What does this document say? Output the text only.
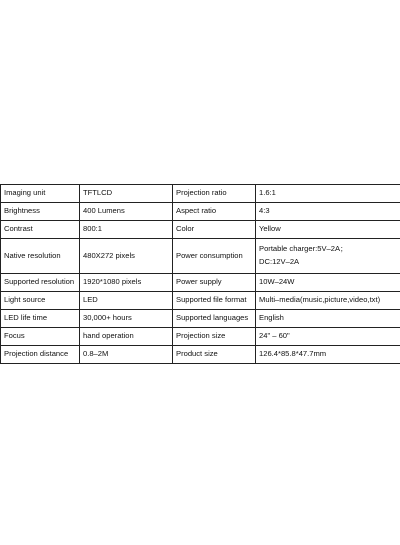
Imaging unit	TFTLCD	Projection ratio	1.6:1
Brightness	400 Lumens	Aspect ratio	4:3
Contrast	800:1	Color	Yellow
Native resolution	480X272 pixels	Power consumption	Portable charger:5V–2A；
DC:12V–2A

Supported resolution	1920*1080 pixels	Power supply	10W–24W
Light source	LED	Supported file format	Multi–media(music,picture,video,txt)
LED life time	30,000+ hours	Supported languages	English
Focus	hand operation	Projection size	24" – 60"
Projection distance	0.8–2M	Product size	126.4*85.8*47.7mm
